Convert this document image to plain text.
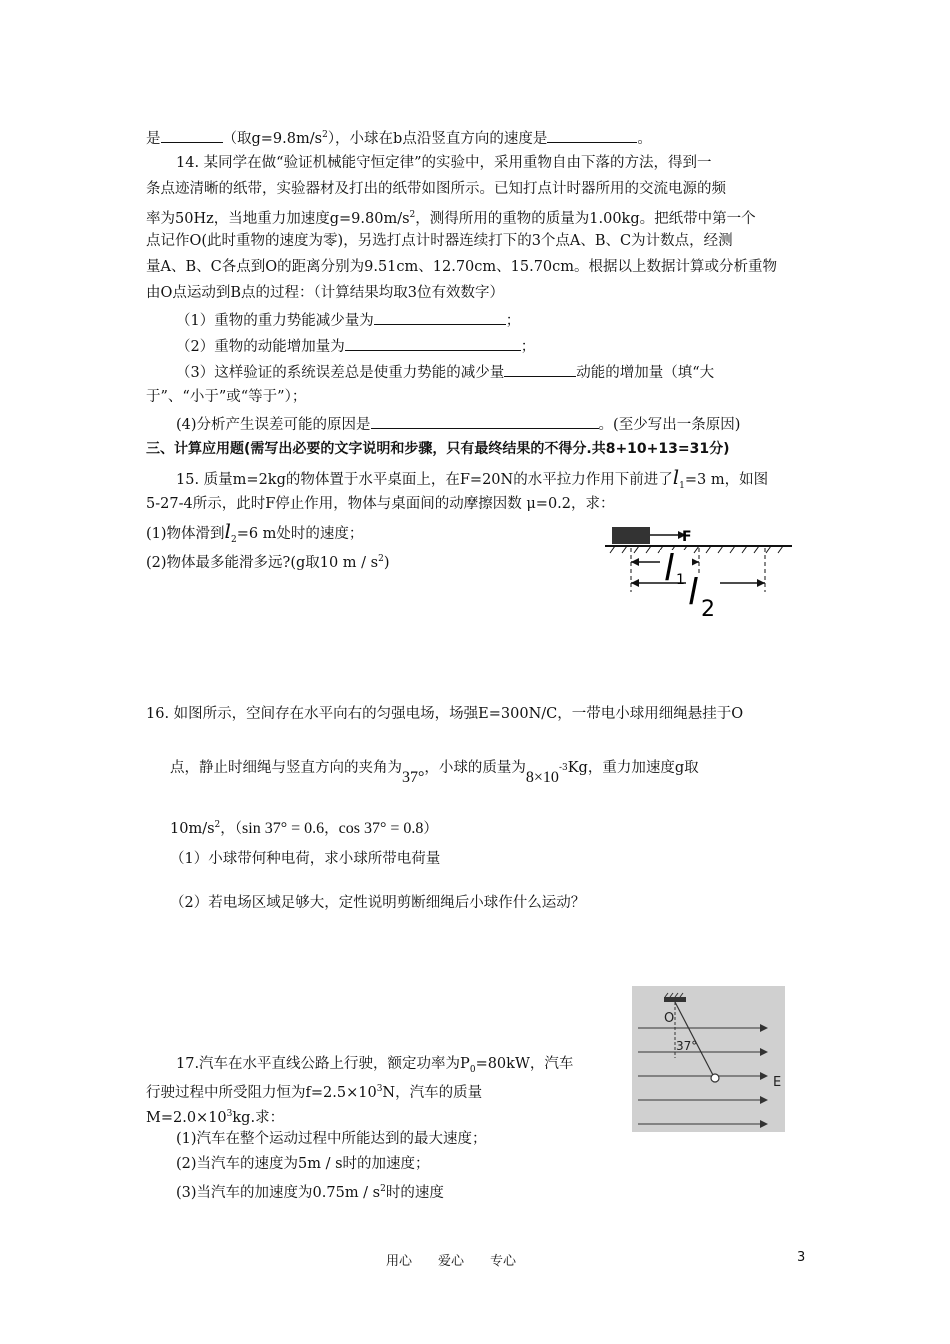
是	（取$g=9.8m/s^2$），小球在b点沿竖直方向的速度是	。
14. 某同学在做“验证机械能守恒定律”的实验中，采用重物自由下落的方法，得到一
条点迹清晰的纸带，实验器材及打出的纸带如图所示。已知打点计时器所用的交流电源的频
率为50Hz，当地重力加速度$g=9.80m/s^2$，测得所用的重物的质量为1.00kg。把纸带中第一个
点记作O(此时重物的速度为零)，另选打点计时器连续打下的3个点A、B、C为计数点，经测
量A、B、C各点到O的距离分别为9.51cm、12.70cm、15.70cm。根据以上数据计算或分析重物
由O点运动到B点的过程：（计算结果均取3位有效数字）
（1）重物的重力势能减少量为	；
（2）重物的动能增加量为	；
（3）这样验证的系统误差总是使重力势能的减少量	动能的增加量（填“大
于”、“小于”或“等于”）；
(4)分析产生误差可能的原因是	。(至少写出一条原因)
三、计算应用题(需写出必要的文字说明和步骤，只有最终结果的不得分.共8+10+13=31分)
15. 质量m=2kg的物体置于水平桌面上，在F=20N的水平拉力作用下前进了$l_1=3$ m，如图
5-27-4所示，此时F停止作用，物体与桌面间的动摩擦因数 μ=0.2，求：
(1)物体滑到$l_2=6$ m处时的速度；
(2)物体最多能滑多远?(g取10 m / $s^2$)
F
l 1 l 2
16. 如图所示，空间存在水平向右的匀强电场，场强E=300N/C，一带电小球用细绳悬挂于O
点，静止时细绳与竖直方向的夹角为37°，小球的质量为$8\times 10^{-3}Kg$，重力加速度g取
$10m/s^2$，（sin 37° = 0.6，cos 37° = 0.8）
（1）小球带何种电荷，求小球所带电荷量
（2）若电场区域足够大，定性说明剪断细绳后小球作什么运动？
O
37°
E
17.汽车在水平直线公路上行驶，额定功率为$P_0=80kW$，汽车
行驶过程中所受阻力恒为$f=2.5\times 10^3N$，汽车的质量
$M=2.0\times 10^3kg$.求：
(1)汽车在整个运动过程中所能达到的最大速度；
(2)当汽车的速度为5m / s时的加速度；
(3)当汽车的加速度为$0.75m / s^2$时的速度
用心　　爱心　　专心	3
